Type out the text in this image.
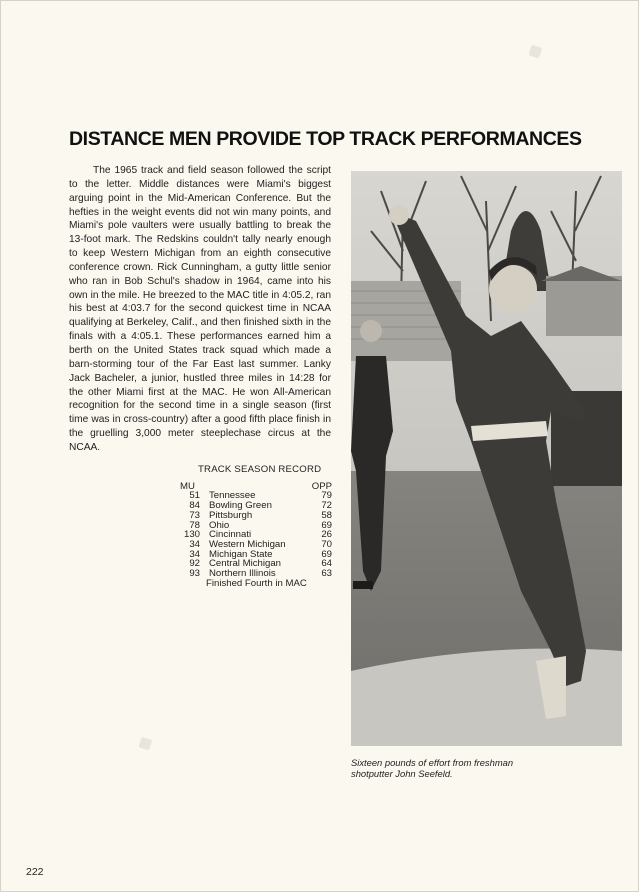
DISTANCE MEN PROVIDE TOP TRACK PERFORMANCES

The 1965 track and field season followed the script to the letter. Middle distances were Miami's biggest arguing point in the Mid-American Conference. But the hefties in the weight events did not win many points, and Miami's pole vaulters were usually battling to break the 13-foot mark. The Redskins couldn't tally nearly enough to keep Western Michigan from an eighth consecutive conference crown. Rick Cunningham, a gutty little senior who ran in Bob Schul's shadow in 1964, came into his own in the mile. He breezed to the MAC title in 4:05.2, ran his best at 4:03.7 for the second quickest time in NCAA qualifying at Berkeley, Calif., and then finished sixth in the finals with a 4:05.1. These performances earned him a berth on the United States track squad which made a barn-storming tour of the Far East last summer. Lanky Jack Bacheler, a junior, hustled three miles in 14:28 for the other Miami first at the MAC. He won All-American recognition for the second time in a single season (first time was in cross-country) after a good fifth place finish in the gruelling 3,000 meter steeplechase circus at the NCAA.

TRACK SEASON RECORD
MU	OPP
51 Tennessee	79
84 Bowling Green	72
73 Pittsburgh	58
78 Ohio	69
130 Cincinnati	26
34 Western Michigan	70
34 Michigan State	69
92 Central Michigan	64
93 Northern Illinois	63
Finished Fourth in MAC

Sixteen pounds of effort from freshman shotputter John Seefeld.

222
